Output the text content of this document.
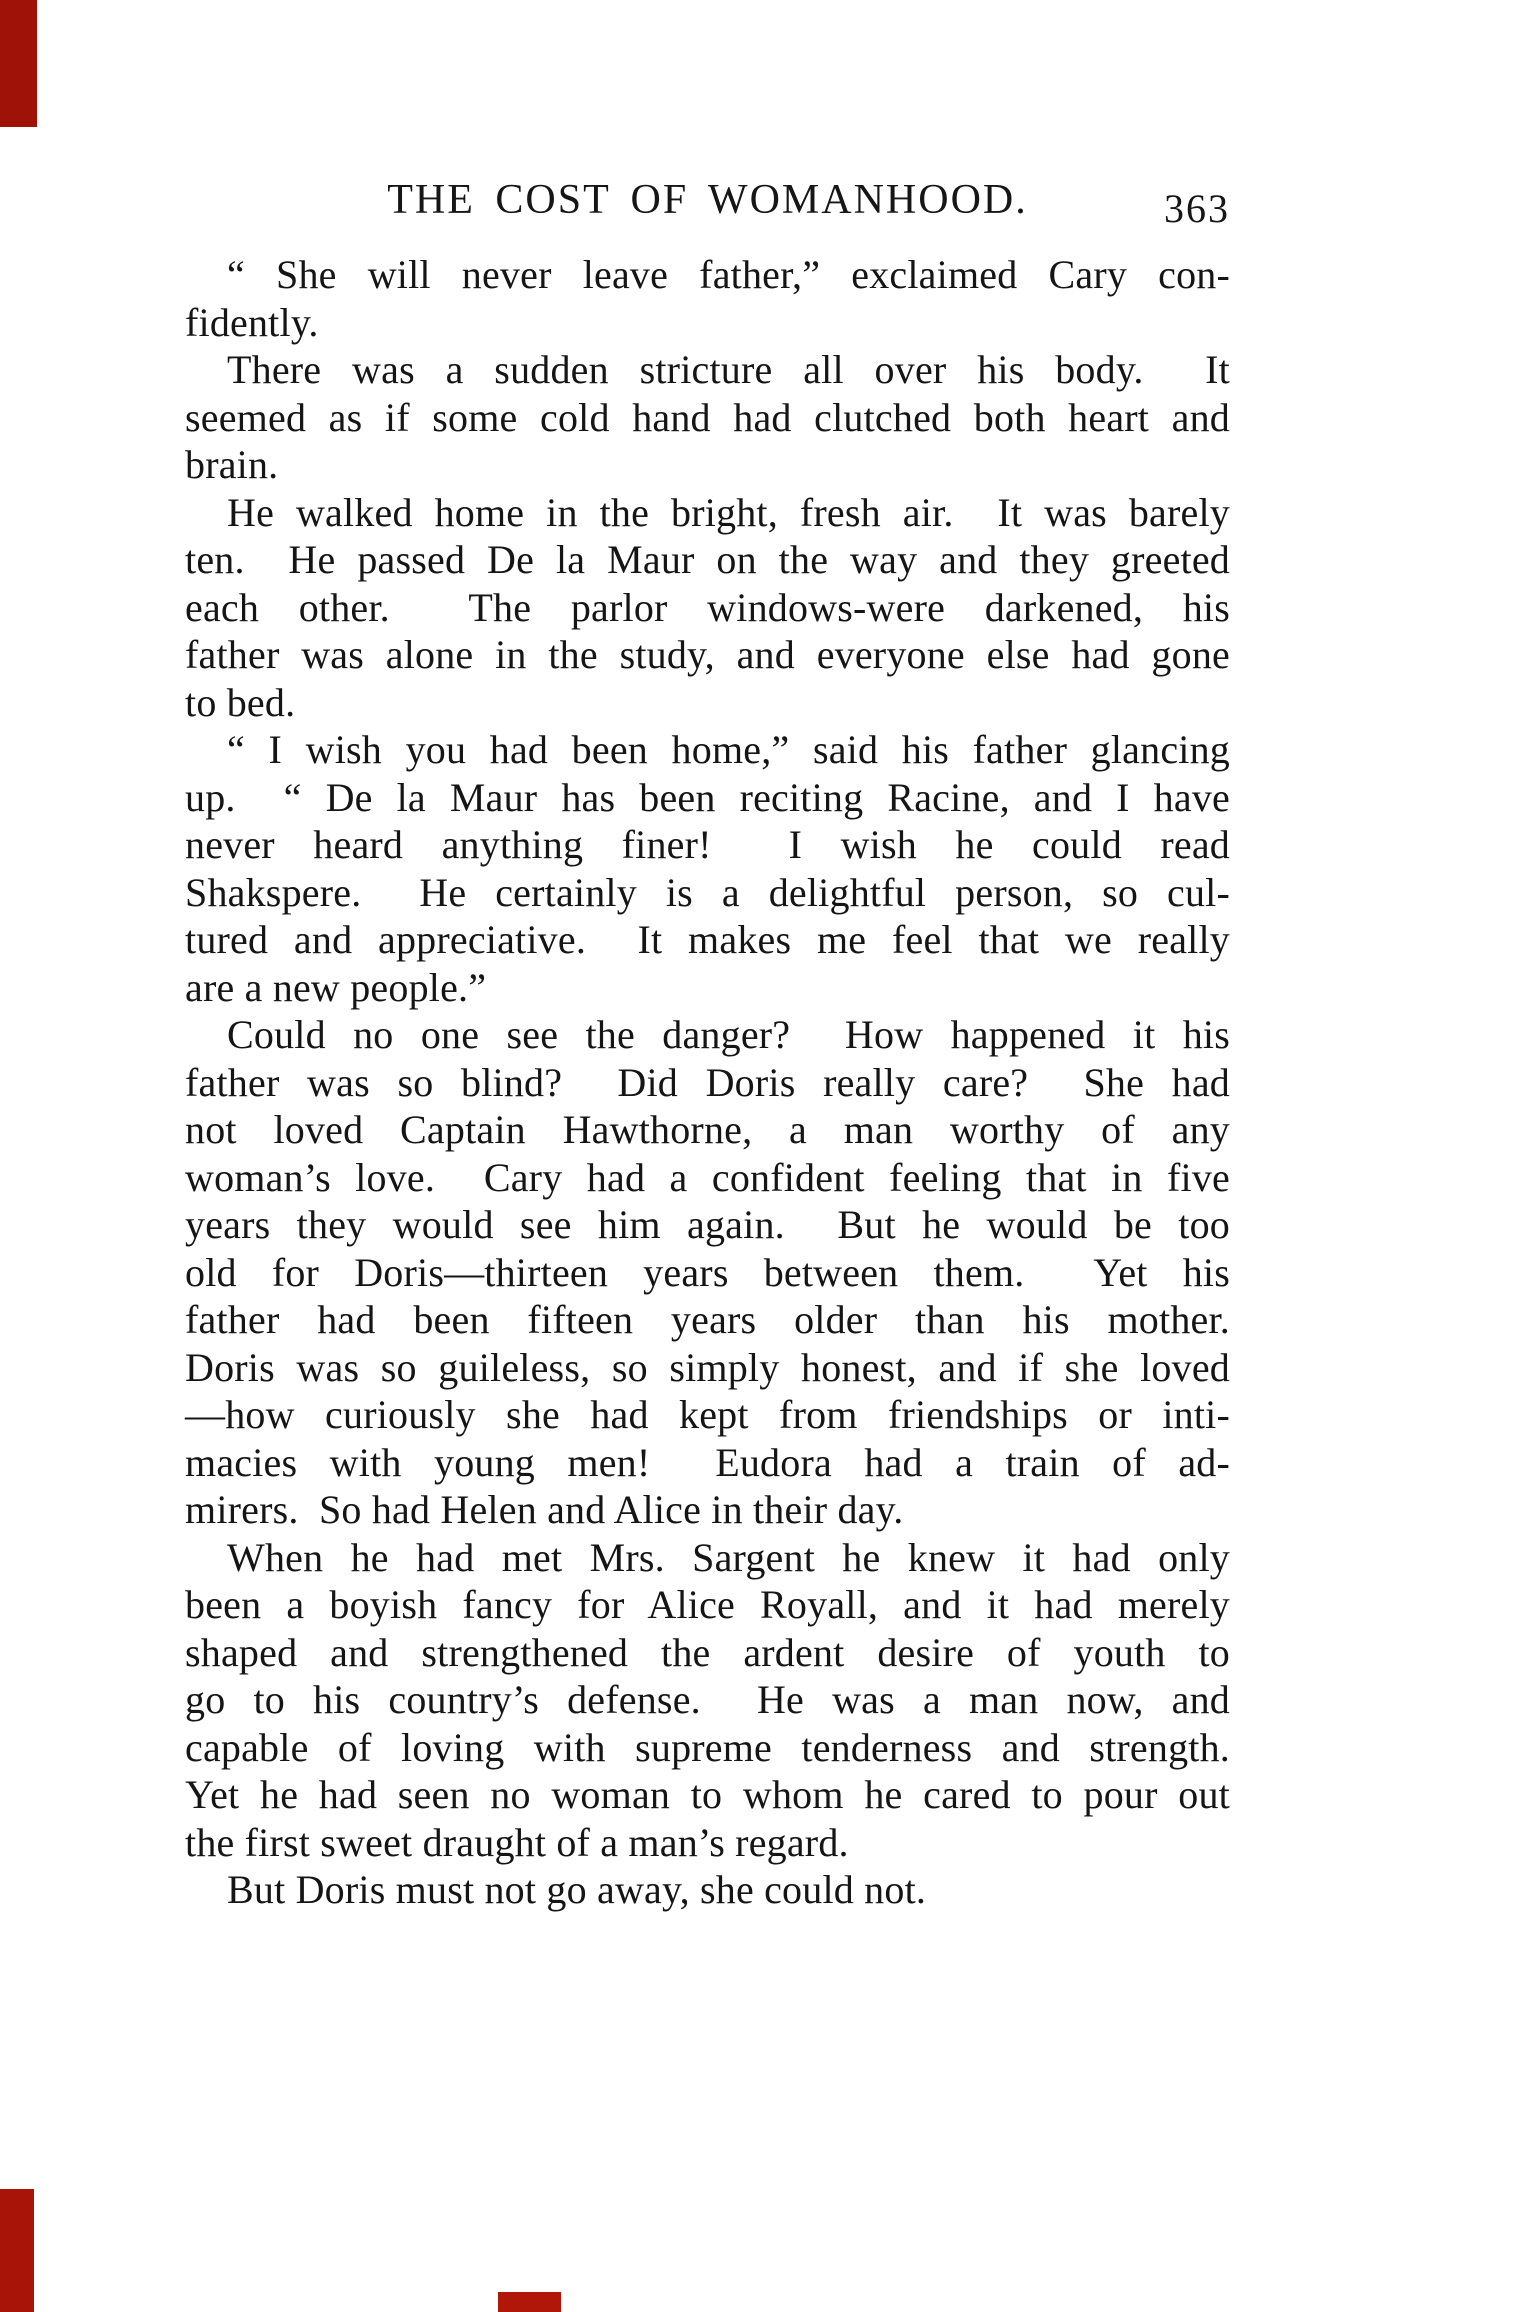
THE COST OF WOMANHOOD.	363
“ She will never leave father,” exclaimed Cary con-
fidently.
There was a sudden stricture all over his body.  It
seemed as if some cold hand had clutched both heart and
brain.
He walked home in the bright, fresh air.  It was barely
ten.  He passed De la Maur on the way and they greeted
each other.  The parlor windows-were darkened, his
father was alone in the study, and everyone else had gone
to bed.
“ I wish you had been home,” said his father glancing
up.  “ De la Maur has been reciting Racine, and I have
never heard anything finer!  I wish he could read
Shakspere.  He certainly is a delightful person, so cul-
tured and appreciative.  It makes me feel that we really
are a new people.”
Could no one see the danger?  How happened it his
father was so blind?  Did Doris really care?  She had
not loved Captain Hawthorne, a man worthy of any
woman’s love.  Cary had a confident feeling that in five
years they would see him again.  But he would be too
old for Doris—thirteen years between them.  Yet his
father had been fifteen years older than his mother.
Doris was so guileless, so simply honest, and if she loved
—how curiously she had kept from friendships or inti-
macies with young men!  Eudora had a train of ad-
mirers.  So had Helen and Alice in their day.
When he had met Mrs. Sargent he knew it had only
been a boyish fancy for Alice Royall, and it had merely
shaped and strengthened the ardent desire of youth to
go to his country’s defense.  He was a man now, and
capable of loving with supreme tenderness and strength.
Yet he had seen no woman to whom he cared to pour out
the first sweet draught of a man’s regard.
But Doris must not go away, she could not.
